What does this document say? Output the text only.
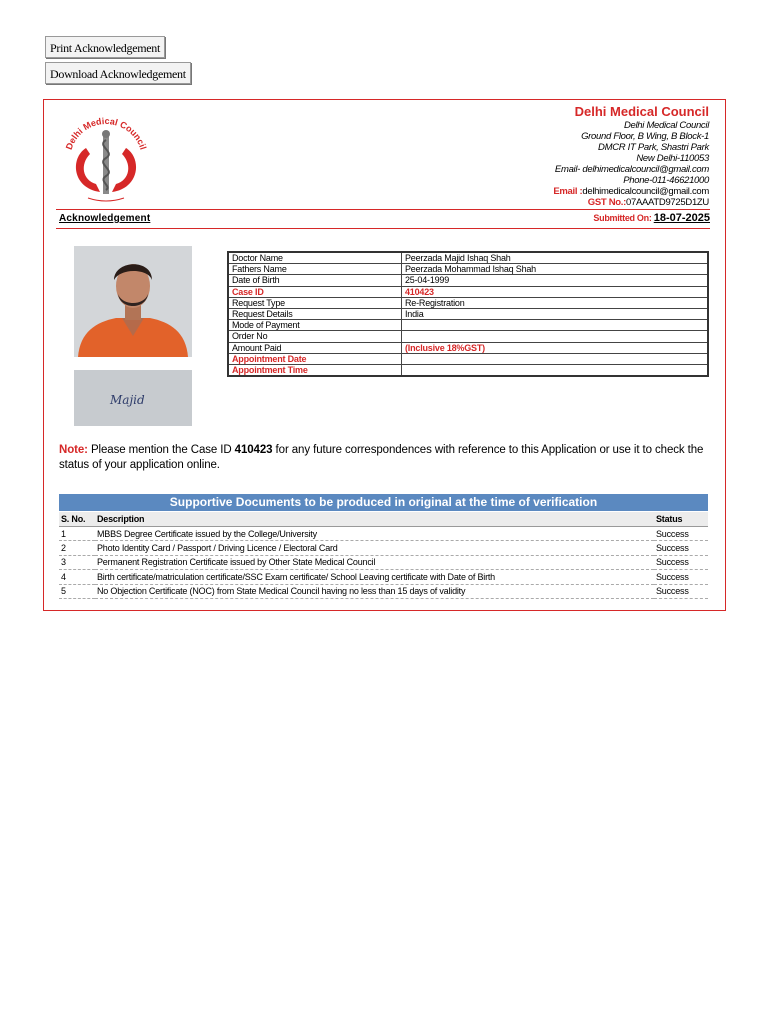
Print Acknowledgement
Download Acknowledgement
Delhi Medical Council
Delhi Medical Council
Delhi Medical Council
Ground Floor, B Wing, B Block-1
DMCR IT Park, Shastri Park
New Delhi-110053
Email- delhimedicalcouncil@gmail.com
Phone-011-46621000
Email :delhimedicalcouncil@gmail.com
GST No.:07AAATD9725D1ZU
Acknowledgement	Submitted On: 18-07-2025
Majid
Doctor Name	Peerzada Majid Ishaq Shah
Fathers Name	Peerzada Mohammad Ishaq Shah
Date of Birth	25-04-1999
Case ID	410423
Request Type	Re-Registration
Request Details	India
Mode of Payment	
Order No	
Amount Paid	(Inclusive 18%GST)
Appointment Date	
Appointment Time	
Note: Please mention the Case ID 410423 for any future correspondences with reference to this Application or use it to check the status of your application online.
Supportive Documents to be produced in original at the time of verification
S. No.	Description	Status
1	MBBS Degree Certificate issued by the College/University	Success
2	Photo Identity Card / Passport / Driving Licence / Electoral Card	Success
3	Permanent Registration Certificate issued by Other State Medical Council	Success
4	Birth certificate/matriculation certificate/SSC Exam certificate/ School Leaving certificate with Date of Birth	Success
5	No Objection Certificate (NOC) from State Medical Council having no less than 15 days of validity	Success
